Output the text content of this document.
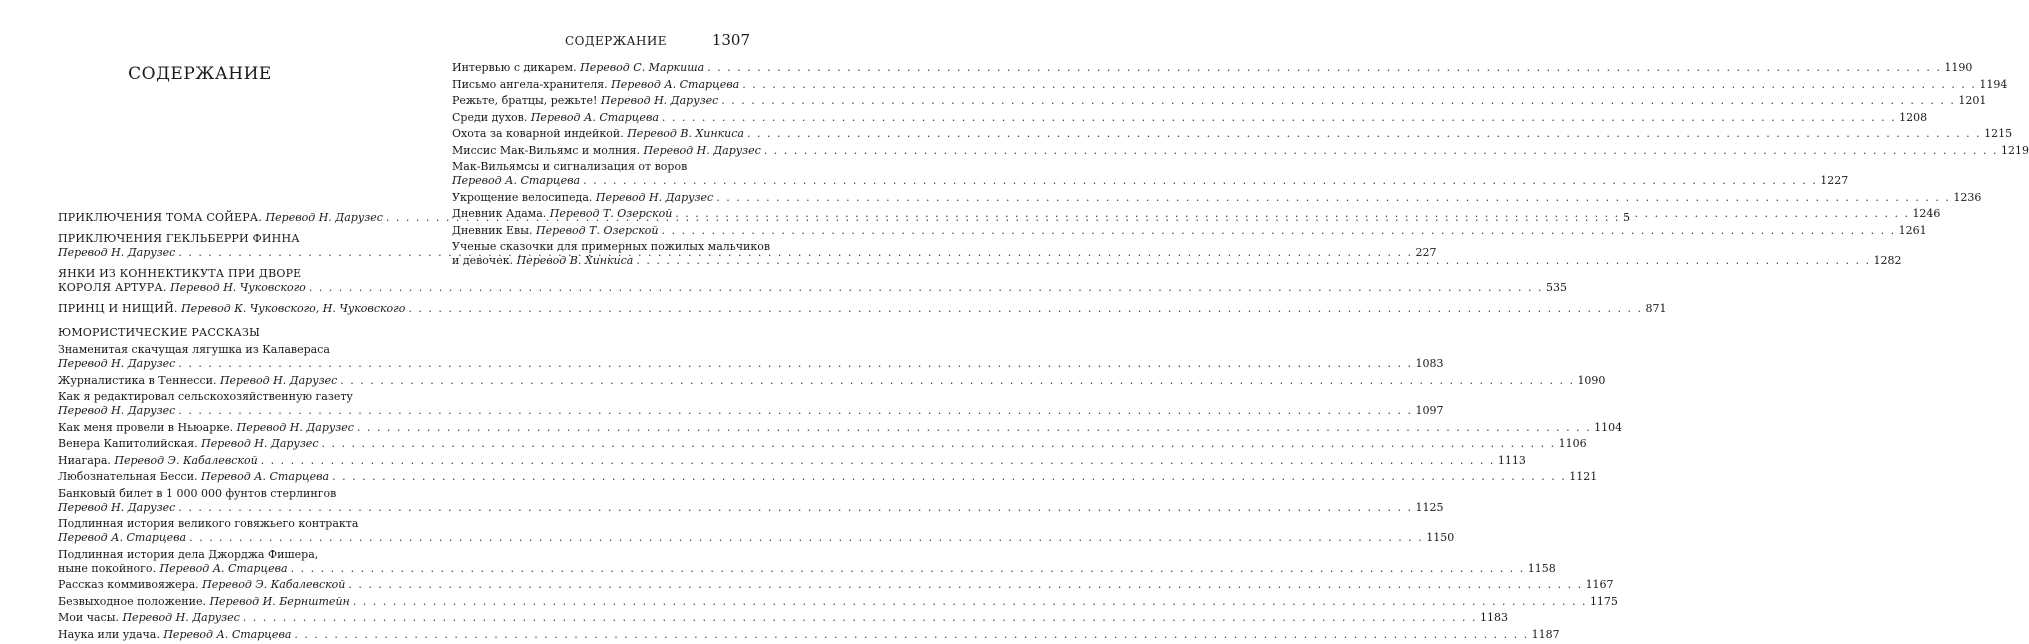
СОДЕРЖАНИЕ
ПРИКЛЮЧЕНИЯ ТОМА СОЙЕРА. Перевод Н. Дарузес . . .	5
ПРИКЛЮЧЕНИЯ ГЕКЛЬБЕРРИ ФИННА
Перевод Н. Дарузес . . .	227
ЯНКИ ИЗ КОННЕКТИКУТА ПРИ ДВОРЕ
КОРОЛЯ АРТУРА. Перевод Н. Чуковского . . .	535
ПРИНЦ И НИЩИЙ. Перевод К. Чуковского, Н. Чуковского . . .	871
ЮМОРИСТИЧЕСКИЕ РАССКАЗЫ
Знаменитая скачущая лягушка из Калавераса
Перевод Н. Дарузес . . .	1083
Журналистика в Теннесси. Перевод Н. Дарузес . . .	1090
Как я редактировал сельскохозяйственную газету
Перевод Н. Дарузес . . .	1097
Как меня провели в Ньюарке. Перевод Н. Дарузес . . .	1104
Венера Капитолийская. Перевод Н. Дарузес . . .	1106
Ниагара. Перевод Э. Кабалевской . . .	1113
Любознательная Бесси. Перевод А. Старцева . . .	1121
Банковый билет в 1 000 000 фунтов стерлингов
Перевод Н. Дарузес . . .	1125
Подлинная история великого говяжьего контракта
Перевод А. Старцева . . .	1150
Подлинная история дела Джорджа Фишера,
ныне покойного. Перевод А. Старцева . . .	1158
Рассказ коммивояжера. Перевод Э. Кабалевской . . .	1167
Безвыходное положение. Перевод И. Бернштейн . . .	1175
Мои часы. Перевод Н. Дарузес . . .	1183
Наука или удача. Перевод А. Старцева . . .	1187
СОДЕРЖАНИЕ	1307
Интервью с дикарем. Перевод С. Маркиша . . .	1190
Письмо ангела-хранителя. Перевод А. Старцева . . .	1194
Режьте, братцы, режьте! Перевод Н. Дарузес . . .	1201
Среди духов. Перевод А. Старцева . . .	1208
Охота за коварной индейкой. Перевод В. Хинкиса . . .	1215
Миссис Мак-Вильямс и молния. Перевод Н. Дарузес . . .	1219
Мак-Вильямсы и сигнализация от воров
Перевод А. Старцева . . .	1227
Укрощение велосипеда. Перевод Н. Дарузес . . .	1236
Дневник Адама. Перевод Т. Озерской . . .	1246
Дневник Евы. Перевод Т. Озерской . . .	1261
Ученые сказочки для примерных пожилых мальчиков
и девочек. Перевод В. Хинкиса . . .	1282
